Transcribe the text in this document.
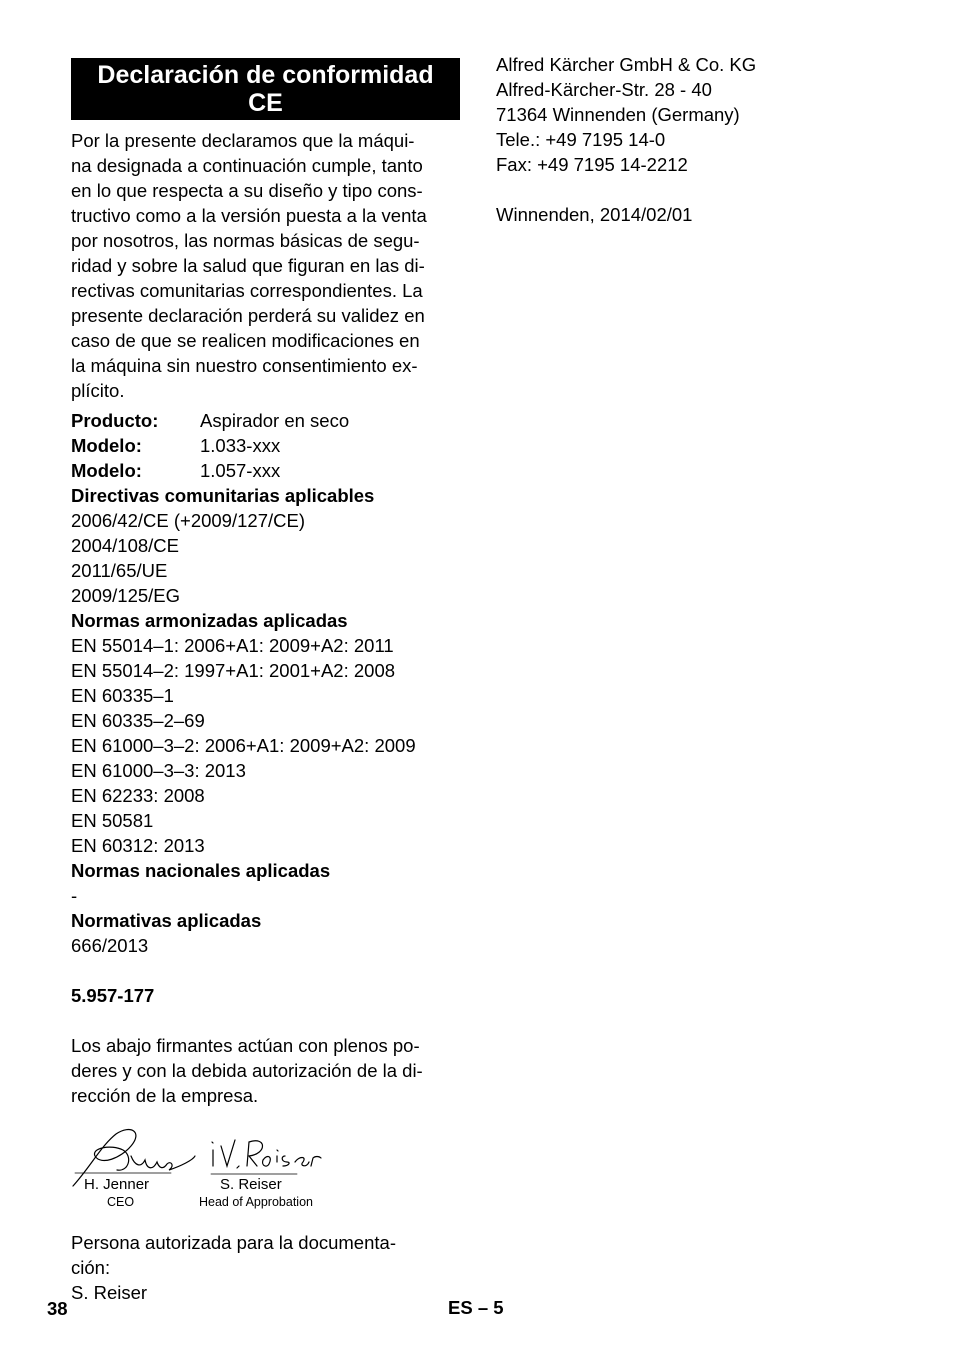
Declaración de conformidad
CE
Por la presente declaramos que la máqui-
na designada a continuación cumple, tanto
en lo que respecta a su diseño y tipo cons-
tructivo como a la versión puesta a la venta
por nosotros, las normas básicas de segu-
ridad y sobre la salud que figuran en las di-
rectivas comunitarias correspondientes. La
presente declaración perderá su validez en
caso de que se realicen modificaciones en
la máquina sin nuestro consentimiento ex-
plícito.
Producto:	Aspirador en seco
Modelo:	1.033-xxx
Modelo:	1.057-xxx
Directivas comunitarias aplicables
2006/42/CE (+2009/127/CE)
2004/108/CE
2011/65/UE
2009/125/EG
Normas armonizadas aplicadas
EN 55014–1: 2006+A1: 2009+A2: 2011
EN 55014–2: 1997+A1: 2001+A2: 2008
EN 60335–1
EN 60335–2–69
EN 61000–3–2: 2006+A1: 2009+A2: 2009
EN 61000–3–3: 2013
EN 62233: 2008
EN 50581
EN 60312: 2013
Normas nacionales aplicadas
-
Normativas aplicadas
666/2013
5.957-177
Los abajo firmantes actúan con plenos po-
deres y con la debida autorización de la di-
rección de la empresa.
H. Jenner
CEO
S. Reiser
Head of Approbation
Persona autorizada para la documenta-
ción:
S. Reiser
Alfred Kärcher GmbH & Co. KG
Alfred-Kärcher-Str. 28 - 40
71364 Winnenden (Germany)
Tele.: +49 7195 14-0
Fax: +49 7195 14-2212
Winnenden, 2014/02/01
38	ES – 5
